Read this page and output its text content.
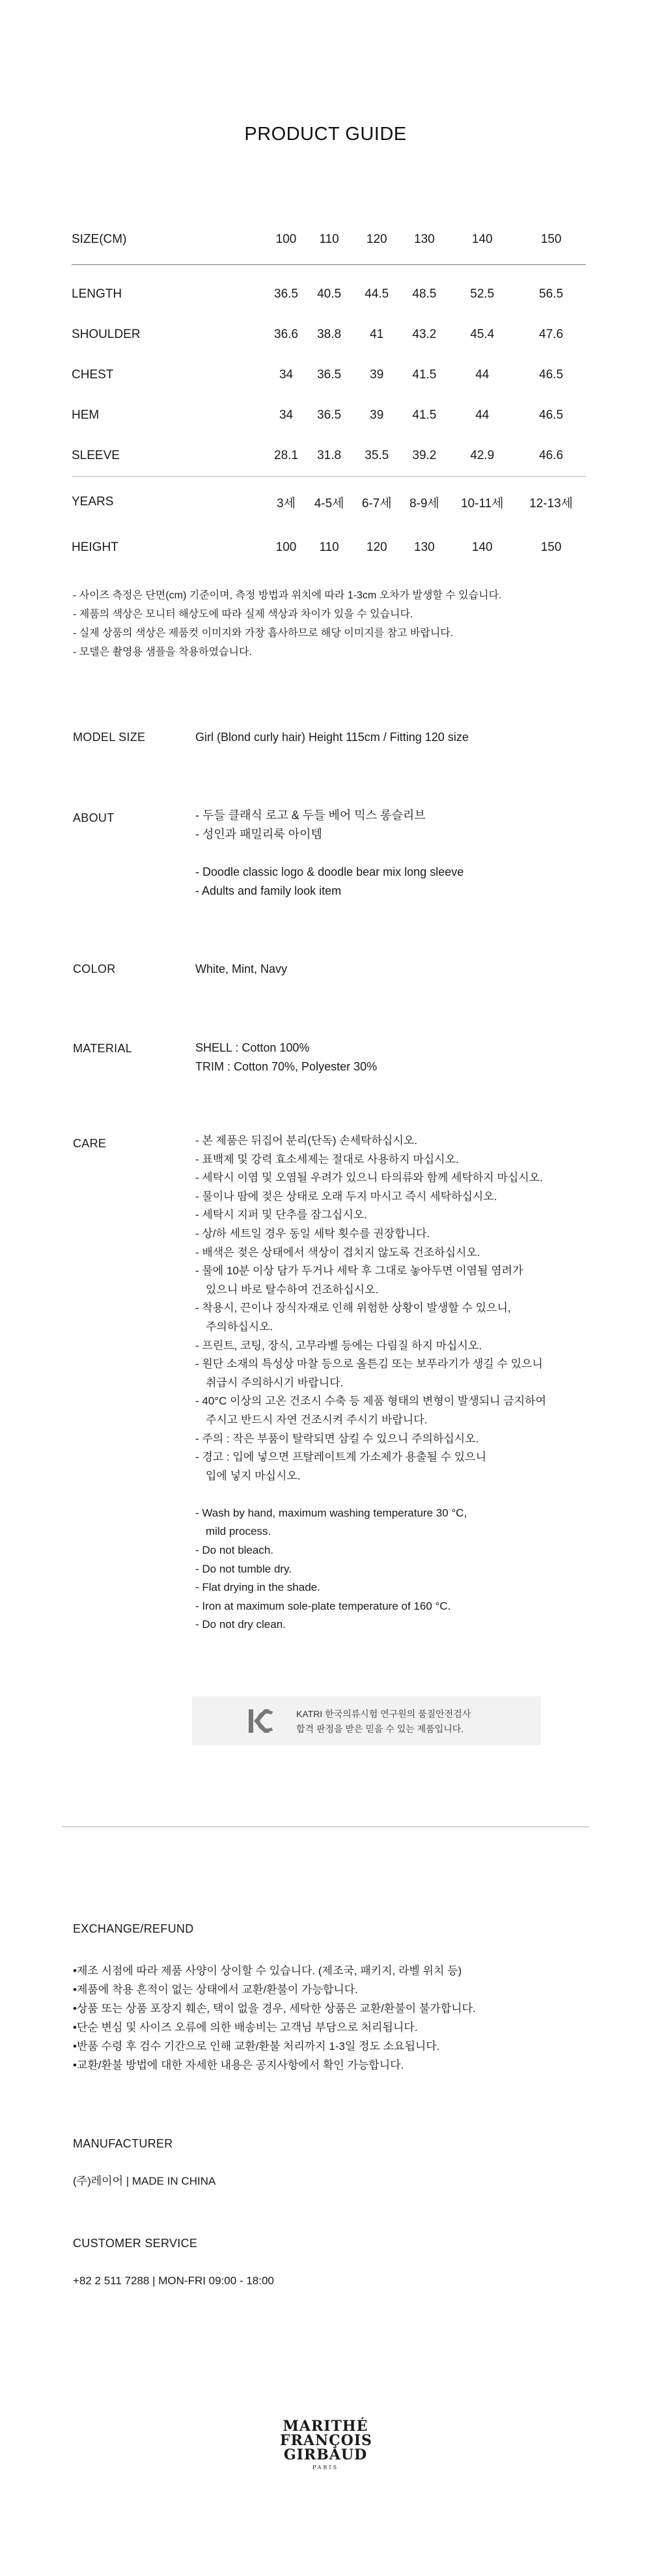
PRODUCT GUIDE
SIZE(CM)	100	110	120	130	140	150
LENGTH	36.5	40.5	44.5	48.5	52.5	56.5
SHOULDER	36.6	38.8	41	43.2	45.4	47.6
CHEST	34	36.5	39	41.5	44	46.5
HEM	34	36.5	39	41.5	44	46.5
SLEEVE	28.1	31.8	35.5	39.2	42.9	46.6
YEARS	3세	4-5세	6-7세	8-9세	10-11세	12-13세
HEIGHT	100	110	120	130	140	150
- 사이즈 측정은 단면(cm) 기준이며, 측정 방법과 위치에 따라 1-3cm 오차가 발생할 수 있습니다.
- 제품의 색상은 모니터 해상도에 따라 실제 색상과 차이가 있을 수 있습니다.
- 실제 상품의 색상은 제품컷 이미지와 가장 흡사하므로 해당 이미지를 참고 바랍니다.
- 모델은 촬영용 샘플을 착용하였습니다.
MODEL SIZE	Girl (Blond curly hair) Height 115cm / Fitting 120 size
ABOUT	- 두들 클래식 로고 & 두들 베어 믹스 롱슬리브
- 성인과 패밀리룩 아이템
- Doodle classic logo & doodle bear mix long sleeve
- Adults and family look item
COLOR	White, Mint, Navy
MATERIAL	SHELL : Cotton 100%
TRIM : Cotton 70%, Polyester 30%
CARE	- 본 제품은 뒤집어 분리(단독) 손세탁하십시오.
- 표백제 및 강력 효소세제는 절대로 사용하지 마십시오.
- 세탁시 이염 및 오염될 우려가 있으니 타의류와 함께 세탁하지 마십시오.
- 물이나 땀에 젖은 상태로 오래 두지 마시고 즉시 세탁하십시오.
- 세탁시 지퍼 및 단추를 잠그십시오.
- 상/하 세트일 경우 동일 세탁 횟수를 권장합니다.
- 배색은 젖은 상태에서 색상이 겹치지 않도록 건조하십시오.
- 물에 10분 이상 담가 두거나 세탁 후 그대로 놓아두면 이염될 염려가
있으니 바로 탈수하여 건조하십시오.
- 착용시, 끈이나 장식자재로 인해 위험한 상황이 발생할 수 있으니,
주의하십시오.
- 프린트, 코팅, 장식, 고무라벨 등에는 다림질 하지 마십시오.
- 원단 소재의 특성상 마찰 등으로 올튼김 또는 보푸라기가 생길 수 있으니
취급시 주의하시기 바랍니다.
- 40°C 이상의 고온 건조시 수축 등 제품 형태의 변형이 발생되니 금지하여
주시고 반드시 자연 건조시켜 주시기 바랍니다.
- 주의 : 작은 부품이 탈락되면 삼킬 수 있으니 주의하십시오.
- 경고 : 입에 넣으면 프탈레이트계 가소제가 용출될 수 있으니
입에 넣지 마십시오.
- Wash by hand, maximum washing temperature 30 °C,
mild process.
- Do not bleach.
- Do not tumble dry.
- Flat drying in the shade.
- Iron at maximum sole-plate temperature of 160 °C.
- Do not dry clean.
KATRI 한국의류시험 연구원의 품질안전검사
합격 판정을 받은 믿을 수 있는 제품입니다.
EXCHANGE/REFUND
•제조 시점에 따라 제품 사양이 상이할 수 있습니다. (제조국, 패키지, 라벨 위치 등)
•제품에 착용 흔적이 없는 상태에서 교환/환불이 가능합니다.
•상품 또는 상품 포장지 훼손, 택이 없을 경우, 세탁한 상품은 교환/환불이 불가합니다.
•단순 변심 및 사이즈 오류에 의한 배송비는 고객님 부담으로 처리됩니다.
•반품 수령 후 검수 기간으로 인해 교환/환불 처리까지 1-3일 정도 소요됩니다.
•교환/환불 방법에 대한 자세한 내용은 공지사항에서 확인 가능합니다.
MANUFACTURER
(주)레이어 | MADE IN CHINA
CUSTOMER SERVICE
+82 2 511 7288 | MON-FRI 09:00 - 18:00
MARITHÉ
FRANÇOIS
GIRBAUD
PARIS
